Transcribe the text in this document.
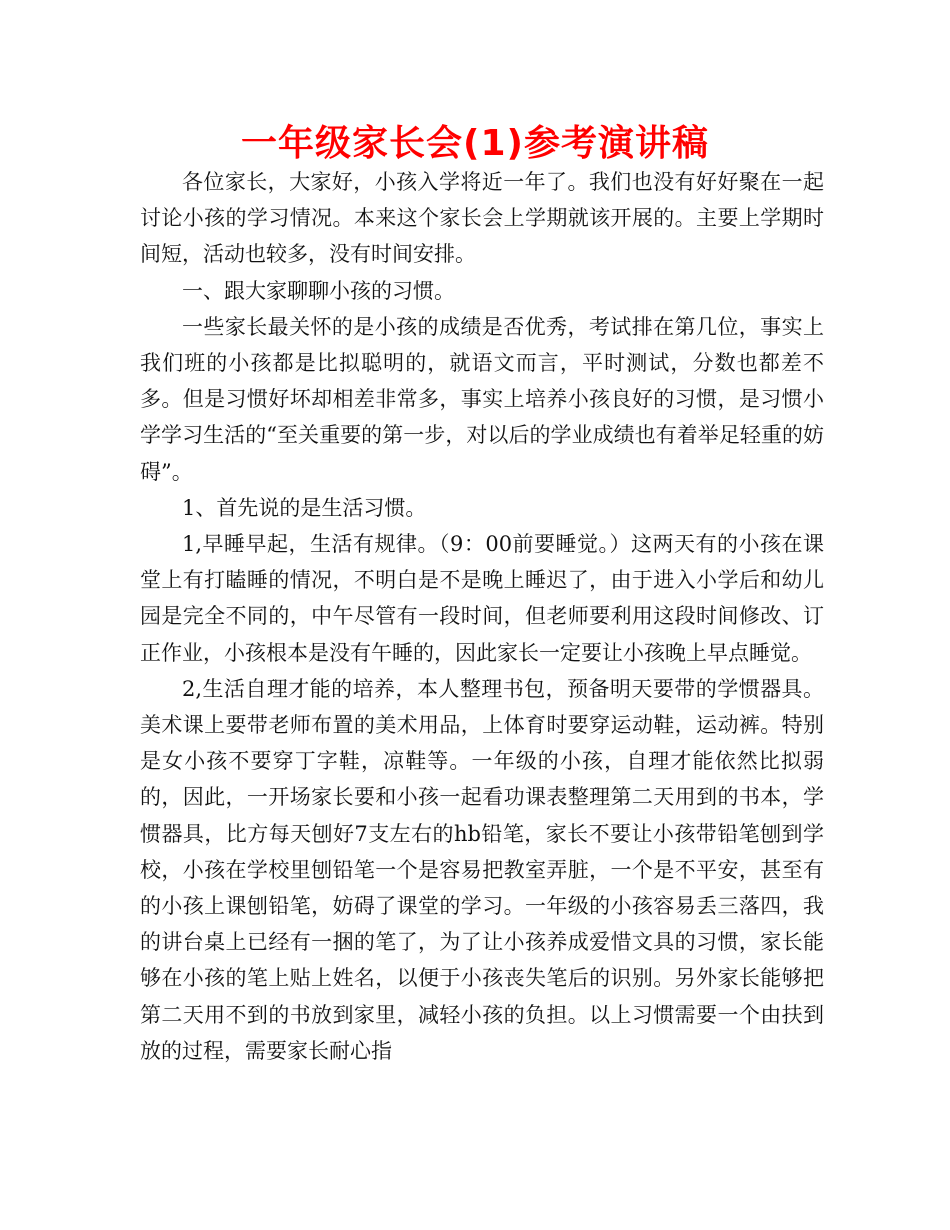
一年级家长会(1)参考演讲稿

各位家长，大家好，小孩入学将近一年了。我们也没有好好聚在一起讨论小孩的学习情况。本来这个家长会上学期就该开展的。主要上学期时间短，活动也较多，没有时间安排。

一、跟大家聊聊小孩的习惯。

一些家长最关怀的是小孩的成绩是否优秀，考试排在第几位，事实上我们班的小孩都是比拟聪明的，就语文而言，平时测试，分数也都差不多。但是习惯好坏却相差非常多，事实上培养小孩良好的习惯，是习惯小学学习生活的“至关重要的第一步，对以后的学业成绩也有着举足轻重的妨碍”。

1、首先说的是生活习惯。

1,早睡早起，生活有规律。（9：00前要睡觉。）这两天有的小孩在课堂上有打瞌睡的情况，不明白是不是晚上睡迟了，由于进入小学后和幼儿园是完全不同的，中午尽管有一段时间，但老师要利用这段时间修改、订正作业，小孩根本是没有午睡的，因此家长一定要让小孩晚上早点睡觉。

2,生活自理才能的培养，本人整理书包，预备明天要带的学惯器具。美术课上要带老师布置的美术用品，上体育时要穿运动鞋，运动裤。特别是女小孩不要穿丁字鞋，凉鞋等。一年级的小孩，自理才能依然比拟弱的，因此，一开场家长要和小孩一起看功课表整理第二天用到的书本，学惯器具，比方每天刨好7支左右的hb铅笔，家长不要让小孩带铅笔刨到学校，小孩在学校里刨铅笔一个是容易把教室弄脏，一个是不平安，甚至有的小孩上课刨铅笔，妨碍了课堂的学习。一年级的小孩容易丢三落四，我的讲台桌上已经有一捆的笔了，为了让小孩养成爱惜文具的习惯，家长能够在小孩的笔上贴上姓名，以便于小孩丧失笔后的识别。另外家长能够把第二天用不到的书放到家里，减轻小孩的负担。以上习惯需要一个由扶到放的过程，需要家长耐心指
